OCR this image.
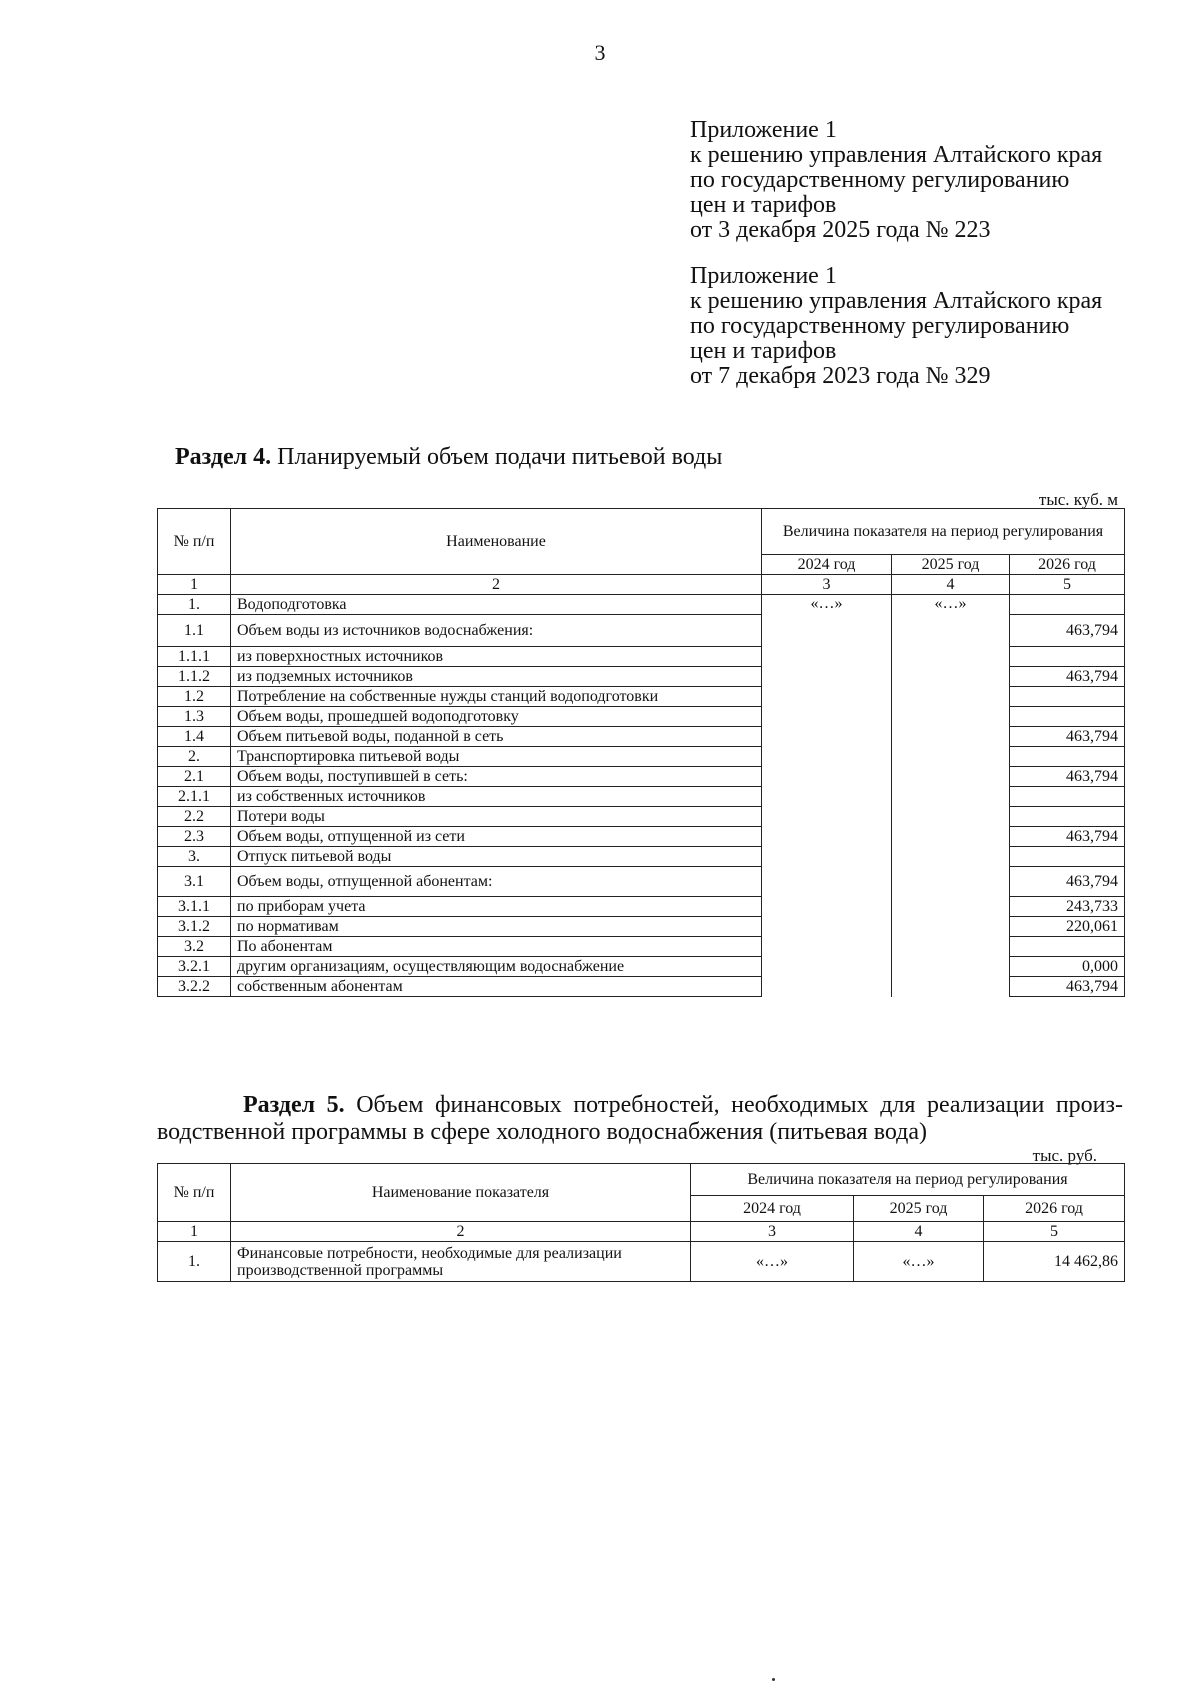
3
Приложение 1
к решению управления Алтайского края
по государственному регулированию
цен и тарифов
от 3 декабря 2025 года № 223
Приложение 1
к решению управления Алтайского края
по государственному регулированию
цен и тарифов
от 7 декабря 2023 года № 329
Раздел 4. Планируемый объем подачи питьевой воды
тыс. куб. м
№ п/п	Наименование	Величина показателя на период регулирования		
		2024 год	2025 год	2026 год
1	2	3	4	5
1.	Водоподготовка	«…»	«…»	
1.1	Объем воды из источников водоснабжения:			463,794
1.1.1	из поверхностных источников			
1.1.2	из подземных источников			463,794
1.2	Потребление на собственные нужды станций водоподготовки			
1.3	Объем воды, прошедшей водоподготовку			
1.4	Объем питьевой воды, поданной в сеть			463,794
2.	Транспортировка питьевой воды			
2.1	Объем воды, поступившей в сеть:			463,794
2.1.1	из собственных источников			
2.2	Потери воды			
2.3	Объем воды, отпущенной из сети			463,794
3.	Отпуск питьевой воды			
3.1	Объем воды, отпущенной абонентам:			463,794
3.1.1	по приборам учета			243,733
3.1.2	по нормативам			220,061
3.2	По абонентам			
3.2.1	другим организациям, осуществляющим водоснабжение			0,000
3.2.2	собственным абонентам			463,794
Раздел 5. Объем финансовых потребностей, необходимых для реализации произ-
водственной программы в сфере холодного водоснабжения (питьевая вода)
тыс. руб.
№ п/п	Наименование показателя	Величина показателя на период регулирования		
		2024 год	2025 год	2026 год
1	2	3	4	5
1.	Финансовые потребности, необходимые для реализации производственной программы	«…»	«…»	14 462,86
